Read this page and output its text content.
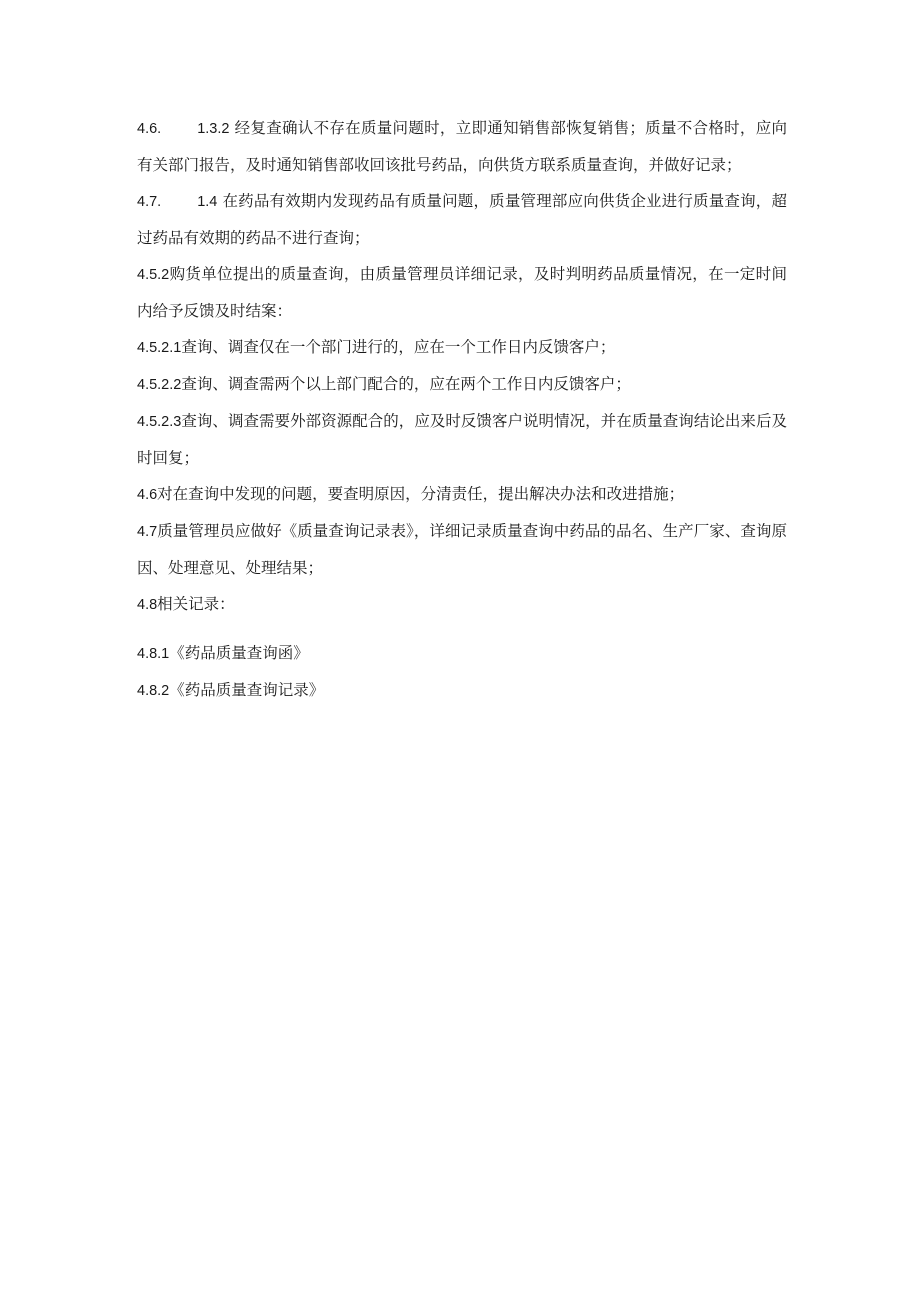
4.6. 1.3.2 经复查确认不存在质量问题时，立即通知销售部恢复销售；质量不合格时，应向有关部门报告，及时通知销售部收回该批号药品，向供货方联系质量查询，并做好记录；

4.7. 1.4 在药品有效期内发现药品有质量问题，质量管理部应向供货企业进行质量查询，超过药品有效期的药品不进行查询；

4.5.2购货单位提出的质量查询，由质量管理员详细记录，及时判明药品质量情况，在一定时间内给予反馈及时结案：

4.5.2.1查询、调查仅在一个部门进行的，应在一个工作日内反馈客户；

4.5.2.2查询、调查需两个以上部门配合的，应在两个工作日内反馈客户；

4.5.2.3查询、调查需要外部资源配合的，应及时反馈客户说明情况，并在质量查询结论出来后及时回复；

4.6对在查询中发现的问题，要查明原因，分清责任，提出解决办法和改进措施；

4.7质量管理员应做好《质量查询记录表》，详细记录质量查询中药品的品名、生产厂家、查询原因、处理意见、处理结果；

4.8相关记录：

4.8.1《药品质量查询函》

4.8.2《药品质量查询记录》
